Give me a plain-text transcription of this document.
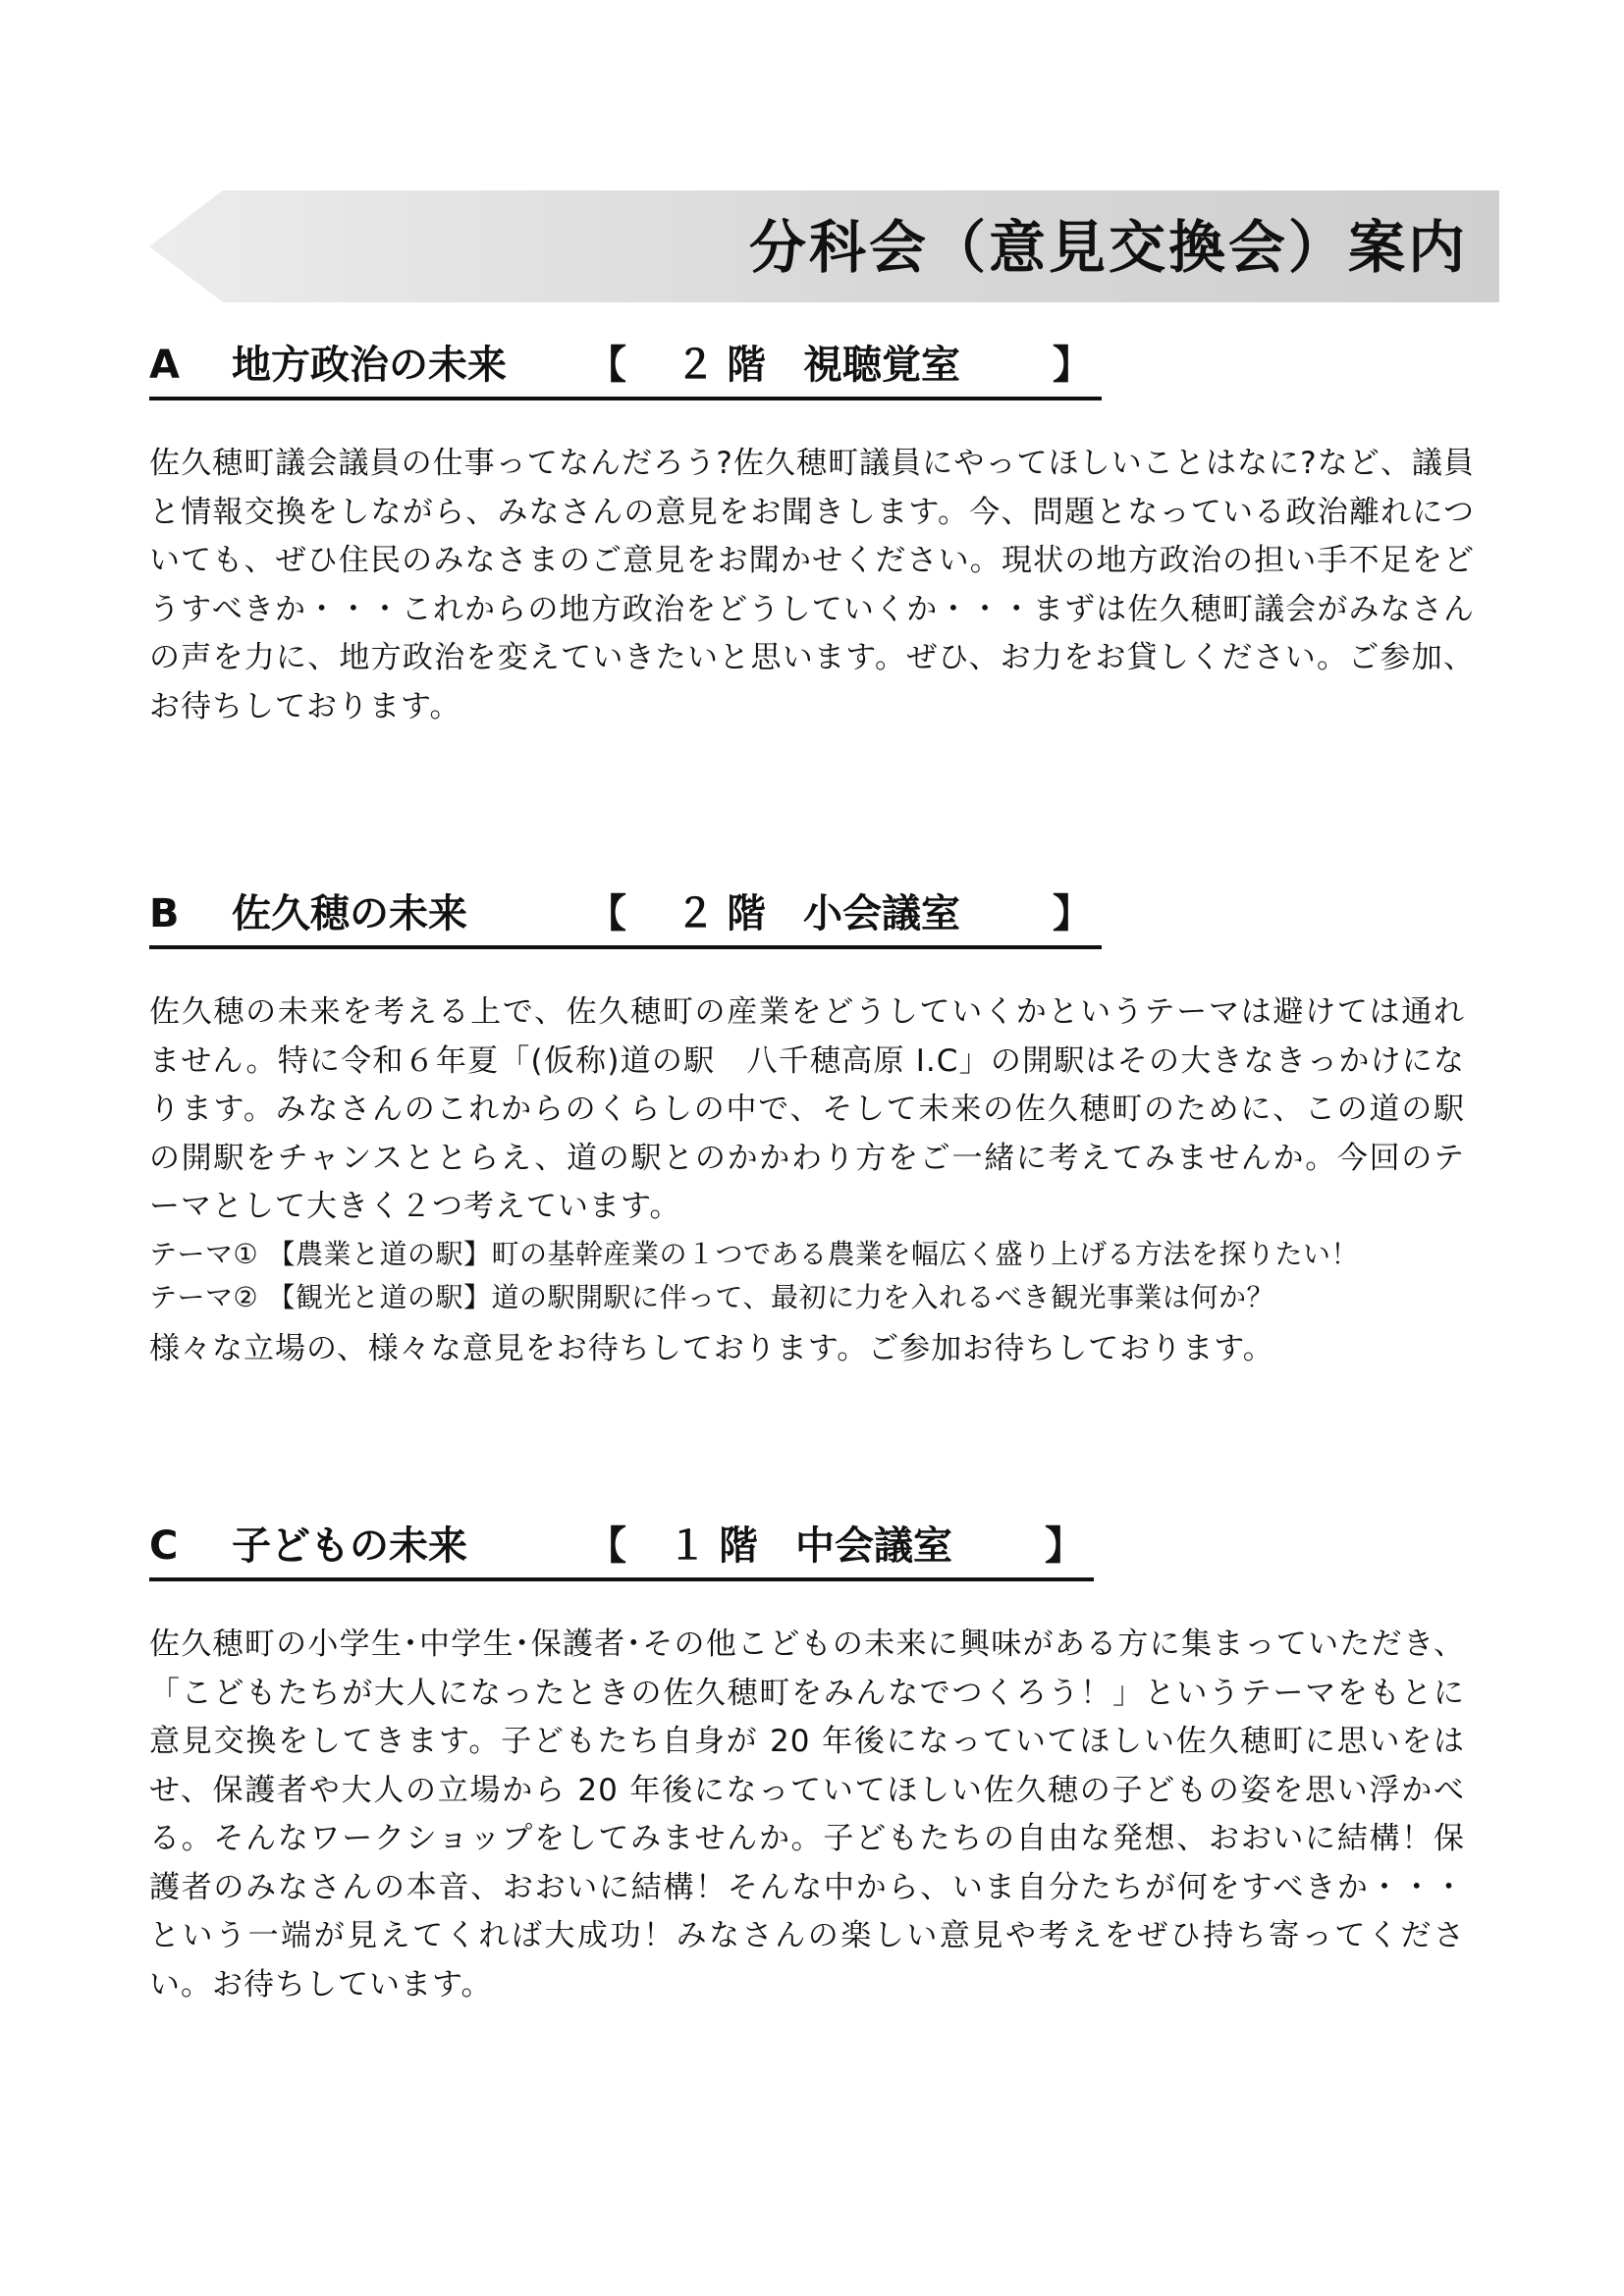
分科会（意見交換会）案内
A 地方政治の未来 【 ２ 階 視聴覚室 】

佐久穂町議会議員の仕事ってなんだろう?佐久穂町議員にやってほしいことはなに?など、議員と情報交換をしながら、みなさんの意見をお聞きします。今、問題となっている政治離れについても、ぜひ住民のみなさまのご意見をお聞かせください。現状の地方政治の担い手不足をどうすべきか・・・これからの地方政治をどうしていくか・・・まずは佐久穂町議会がみなさんの声を力に、地方政治を変えていきたいと思います。ぜひ、お力をお貸しください。ご参加、お待ちしております。

B 佐久穂の未来	【 ２ 階 小会議室 】

佐久穂の未来を考える上で、佐久穂町の産業をどうしていくかというテーマは避けては通れません。特に令和６年夏「(仮称)道の駅　八千穂高原 I.C」の開駅はその大きなきっかけになります。みなさんのこれからのくらしの中で、そして未来の佐久穂町のために、この道の駅の開駅をチャンスととらえ、道の駅とのかかわり方をご一緒に考えてみませんか。今回のテーマとして大きく２つ考えています。

テーマ① 【農業と道の駅】町の基幹産業の１つである農業を幅広く盛り上げる方法を探りたい！

テーマ② 【観光と道の駅】道の駅開駅に伴って、最初に力を入れるべき観光事業は何か？

様々な立場の、様々な意見をお待ちしております。ご参加お待ちしております。

C 子どもの未来	【 １ 階 中会議室 】

佐久穂町の小学生･中学生･保護者･その他こどもの未来に興味がある方に集まっていただき、「こどもたちが大人になったときの佐久穂町をみんなでつくろう！」というテーマをもとに意見交換をしてきます。子どもたち自身が 20 年後になっていてほしい佐久穂町に思いをはせ、保護者や大人の立場から 20 年後になっていてほしい佐久穂の子どもの姿を思い浮かべる。そんなワークショップをしてみませんか。子どもたちの自由な発想、おおいに結構！保護者のみなさんの本音、おおいに結構！そんな中から、いま自分たちが何をすべきか・・・という一端が見えてくれば大成功！みなさんの楽しい意見や考えをぜひ持ち寄ってください。お待ちしています。
